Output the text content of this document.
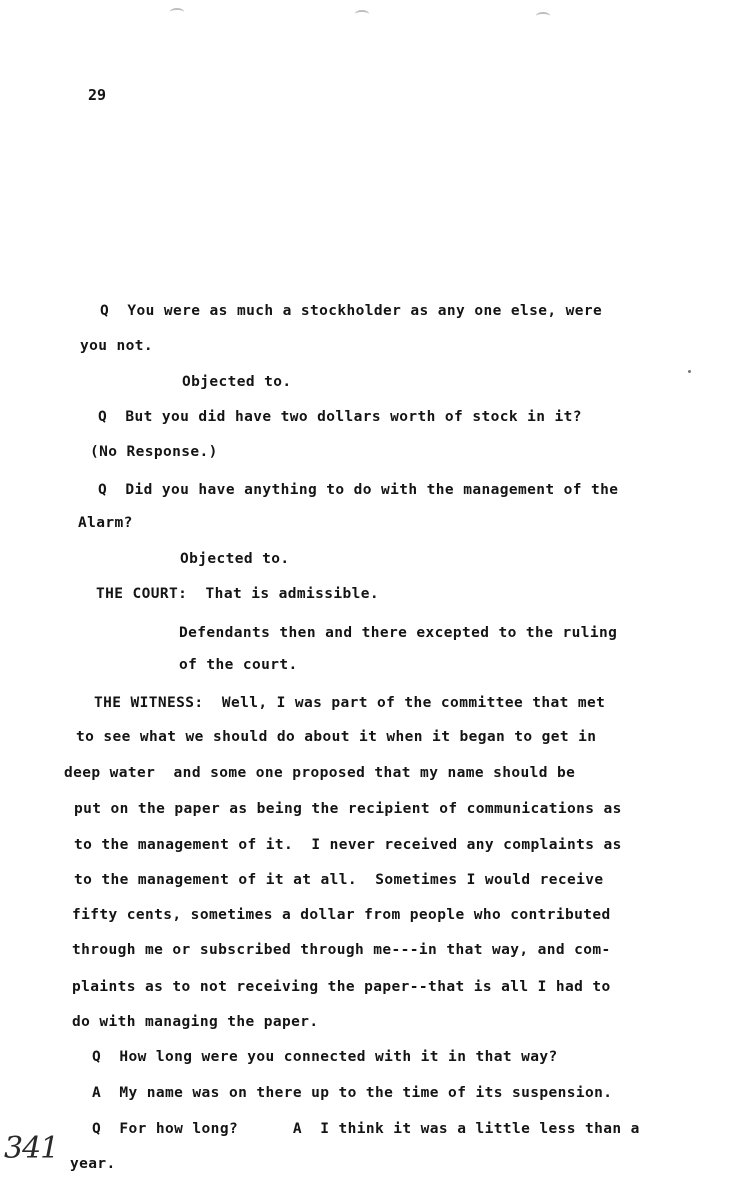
29
Q  You were as much a stockholder as any one else, were
you not.
Objected to.
Q  But you did have two dollars worth of stock in it?
(No Response.)
Q  Did you have anything to do with the management of the
Alarm?
Objected to.
THE COURT:  That is admissible.
Defendants then and there excepted to the ruling
of the court.
THE WITNESS:  Well, I was part of the committee that met
to see what we should do about it when it began to get in
deep water  and some one proposed that my name should be
put on the paper as being the recipient of communications as
to the management of it.  I never received any complaints as
to the management of it at all.  Sometimes I would receive
fifty cents, sometimes a dollar from people who contributed
through me or subscribed through me---in that way, and com-
plaints as to not receiving the paper--that is all I had to
do with managing the paper.
Q  How long were you connected with it in that way?
A  My name was on there up to the time of its suspension.
Q  For how long?      A  I think it was a little less than a
year.
341
